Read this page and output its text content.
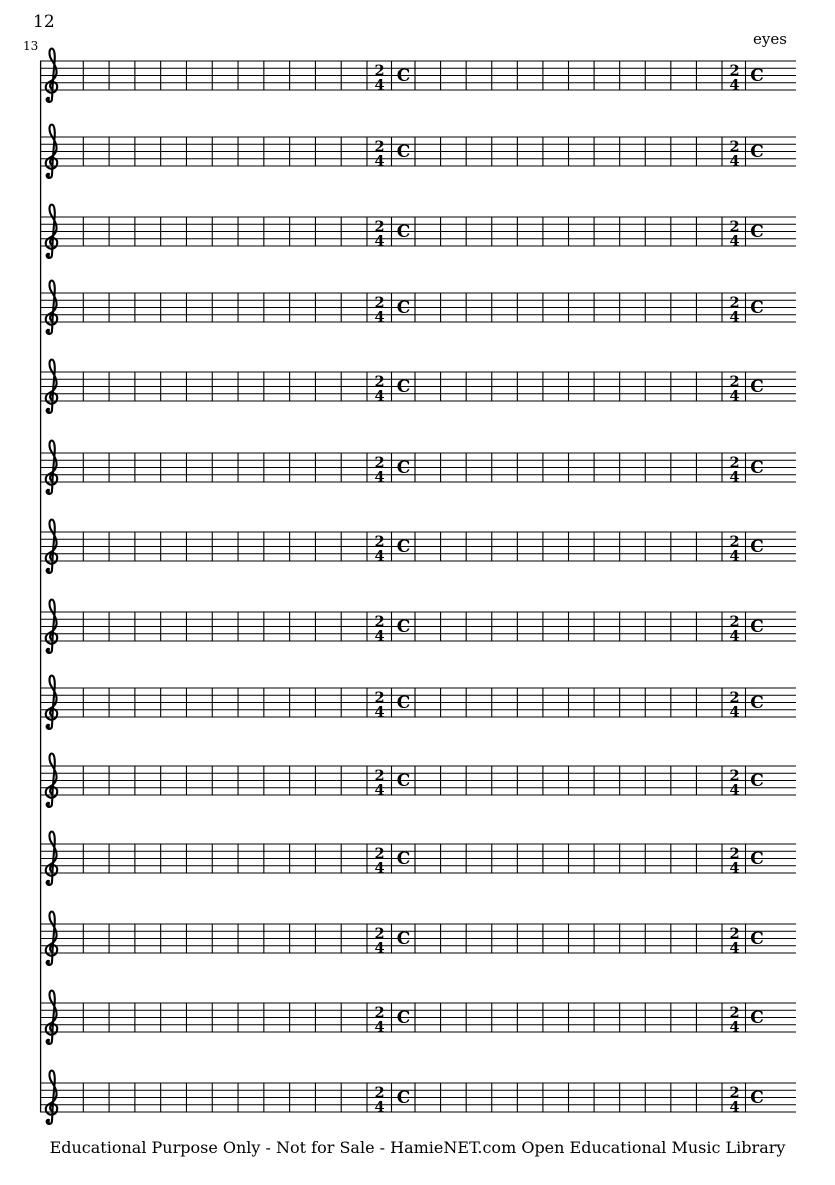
12
13	eyes
Educational Purpose Only - Not for Sale - HamieNET.com Open Educational Music Library
2
4 C	2
4 C
2
4 C	2
4 C
2
4 C	2
4 C
2
4 C	2
4 C
2
4 C	2
4 C
2
4 C	2
4 C
2
4 C	2
4 C
2
4 C	2
4 C
2
4 C	2
4 C
2
4 C	2
4 C
2
4 C	2
4 C
2
4 C	2
4 C
2
4 C	2
4 C
2
4 C	2
4 C
